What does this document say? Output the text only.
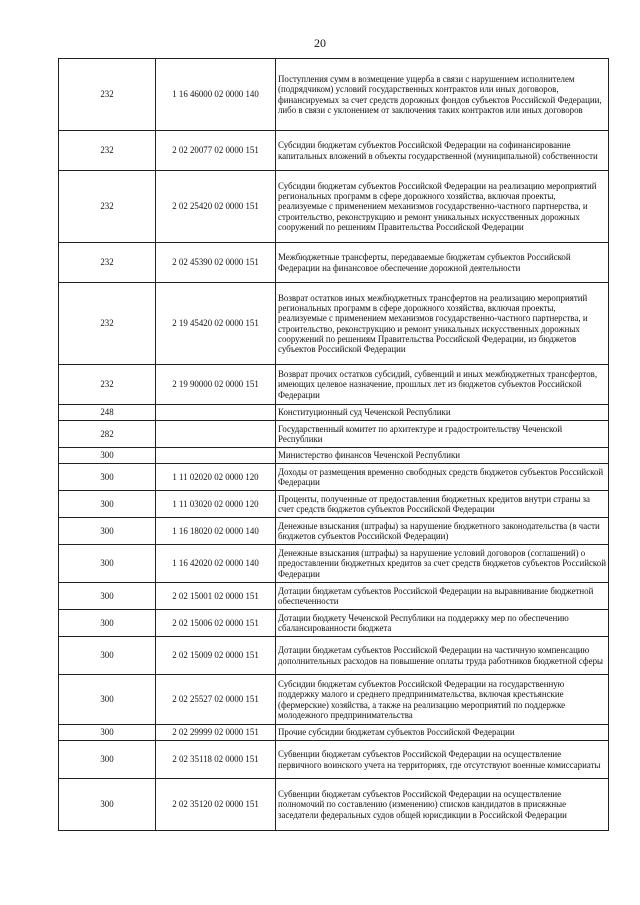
20
232	1 16 46000 02 0000 140	Поступления сумм в возмещение ущерба в связи с нарушением исполнителем (подрядчиком) условий государственных контрактов или иных договоров, финансируемых за счет средств дорожных фондов субъектов Российской Федерации, либо в связи с уклонением от заключения таких контрактов или иных договоров
232	2 02 20077 02 0000 151	Субсидии бюджетам субъектов Российской Федерации на софинансирование капитальных вложений в объекты государственной (муниципальной) собственности
232	2 02 25420 02 0000 151	Субсидии бюджетам субъектов Российской Федерации на реализацию мероприятий региональных программ в сфере дорожного хозяйства, включая проекты, реализуемые с применением механизмов государственно-частного партнерства, и строительство, реконструкцию и ремонт уникальных искусственных дорожных сооружений по решениям Правительства Российской Федерации
232	2 02 45390 02 0000 151	Межбюджетные трансферты, передаваемые бюджетам субъектов Российской Федерации на финансовое обеспечение дорожной деятельности
232	2 19 45420 02 0000 151	Возврат остатков иных межбюджетных трансфертов на реализацию мероприятий региональных программ в сфере дорожного хозяйства, включая проекты, реализуемые с применением механизмов государственно-частного партнерства, и строительство, реконструкцию и ремонт уникальных искусственных дорожных сооружений по решениям Правительства Российской Федерации, из бюджетов субъектов Российской Федерации
232	2 19 90000 02 0000 151	Возврат прочих остатков субсидий, субвенций и иных межбюджетных трансфертов, имеющих целевое назначение, прошлых лет из бюджетов субъектов Российской Федерации
248		Конституционный суд Чеченской Республики
282		Государственный комитет по архитектуре и градостроительству Чеченской Республики
300		Министерство финансов Чеченской Республики
300	1 11 02020 02 0000 120	Доходы от размещения временно свободных средств бюджетов субъектов Российской Федерации
300	1 11 03020 02 0000 120	Проценты, полученные от предоставления бюджетных кредитов внутри страны за счет средств бюджетов субъектов Российской Федерации
300	1 16 18020 02 0000 140	Денежные взыскания (штрафы) за нарушение бюджетного законодательства (в части бюджетов субъектов Российской Федерации)
300	1 16 42020 02 0000 140	Денежные взыскания (штрафы) за нарушение условий договоров (соглашений) о предоставлении бюджетных кредитов за счет средств бюджетов субъектов Российской Федерации
300	2 02 15001 02 0000 151	Дотации бюджетам субъектов Российской Федерации на выравнивание бюджетной обеспеченности
300	2 02 15006 02 0000 151	Дотации бюджету Чеченской Республики на поддержку мер по обеспечению сбалансированности бюджета
300	2 02 15009 02 0000 151	Дотации бюджетам субъектов Российской Федерации на частичную компенсацию дополнительных расходов на повышение оплаты труда работников бюджетной сферы
300	2 02 25527 02 0000 151	Субсидии бюджетам субъектов Российской Федерации на государственную поддержку малого и среднего предпринимательства, включая крестьянские (фермерские) хозяйства, а также на реализацию мероприятий по поддержке молодежного предпринимательства
300	2 02 29999 02 0000 151	Прочие субсидии бюджетам субъектов Российской Федерации
300	2 02 35118 02 0000 151	Субвенции бюджетам субъектов Российской Федерации на осуществление первичного воинского учета на территориях, где отсутствуют военные комиссариаты
300	2 02 35120 02 0000 151	Субвенции бюджетам субъектов Российской Федерации на осуществление полномочий по составлению (изменению) списков кандидатов в присяжные заседатели федеральных судов общей юрисдикции в Российской Федерации
